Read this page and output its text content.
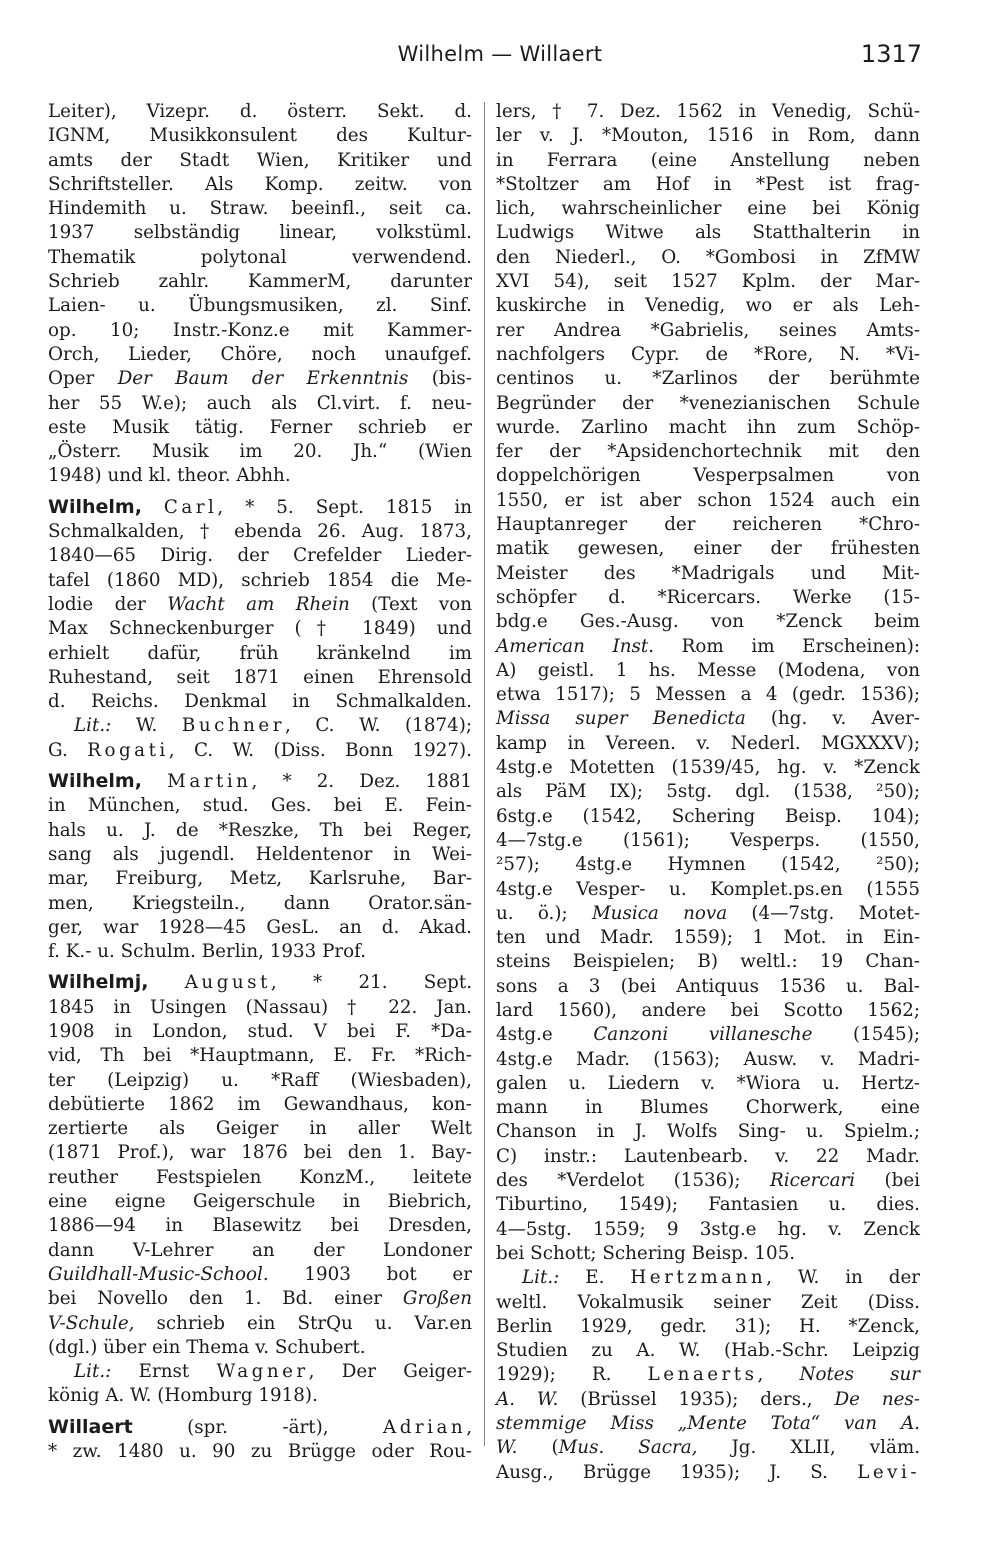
Wilhelm — Willaert	1317
Leiter), Vizepr. d. österr. Sekt. d.
IGNM, Musikkonsulent des Kultur-
amts der Stadt Wien, Kritiker und
Schriftsteller. Als Komp. zeitw. von
Hindemith u. Straw. beeinfl., seit ca.
1937 selbständig linear, volkstüml.
Thematik polytonal verwendend.
Schrieb zahlr. KammerM, darunter
Laien- u. Übungsmusiken, zl. Sinf.
op. 10; Instr.-Konz.e mit Kammer-
Orch, Lieder, Chöre, noch unaufgef.
Oper Der Baum der Erkenntnis (bis-
her 55 W.e); auch als Cl.virt. f. neu-
este Musik tätig. Ferner schrieb er
„Österr. Musik im 20. Jh.“ (Wien
1948) und kl. theor. Abhh.
Wilhelm, Carl, * 5. Sept. 1815 in
Schmalkalden, † ebenda 26. Aug. 1873,
1840—65 Dirig. der Crefelder Lieder-
tafel (1860 MD), schrieb 1854 die Me-
lodie der Wacht am Rhein (Text von
Max Schneckenburger († 1849) und
erhielt dafür, früh kränkelnd im
Ruhestand, seit 1871 einen Ehrensold
d. Reichs. Denkmal in Schmalkalden.
Lit.: W. Buchner, C. W. (1874);
G. Rogati, C. W. (Diss. Bonn 1927).
Wilhelm, Martin, * 2. Dez. 1881
in München, stud. Ges. bei E. Fein-
hals u. J. de *Reszke, Th bei Reger,
sang als jugendl. Heldentenor in Wei-
mar, Freiburg, Metz, Karlsruhe, Bar-
men, Kriegsteiln., dann Orator.sän-
ger, war 1928—45 GesL. an d. Akad.
f. K.- u. Schulm. Berlin, 1933 Prof.
Wilhelmj, August, * 21. Sept.
1845 in Usingen (Nassau) † 22. Jan.
1908 in London, stud. V bei F. *Da-
vid, Th bei *Hauptmann, E. Fr. *Rich-
ter (Leipzig) u. *Raff (Wiesbaden),
debütierte 1862 im Gewandhaus, kon-
zertierte als Geiger in aller Welt
(1871 Prof.), war 1876 bei den 1. Bay-
reuther Festspielen KonzM., leitete
eine eigne Geigerschule in Biebrich,
1886—94 in Blasewitz bei Dresden,
dann V-Lehrer an der Londoner
Guildhall-Music-School. 1903 bot er
bei Novello den 1. Bd. einer Großen
V-Schule, schrieb ein StrQu u. Var.en
(dgl.) über ein Thema v. Schubert.
Lit.: Ernst Wagner, Der Geiger-
könig A. W. (Homburg 1918).
Willaert (spr. -ärt), Adrian,
* zw. 1480 u. 90 zu Brügge oder Rou-
lers, † 7. Dez. 1562 in Venedig, Schü-
ler v. J. *Mouton, 1516 in Rom, dann
in Ferrara (eine Anstellung neben
*Stoltzer am Hof in *Pest ist frag-
lich, wahrscheinlicher eine bei König
Ludwigs Witwe als Statthalterin in
den Niederl., O. *Gombosi in ZfMW
XVI 54), seit 1527 Kplm. der Mar-
kuskirche in Venedig, wo er als Leh-
rer Andrea *Gabrielis, seines Amts-
nachfolgers Cypr. de *Rore, N. *Vi-
centinos u. *Zarlinos der berühmte
Begründer der *venezianischen Schule
wurde. Zarlino macht ihn zum Schöp-
fer der *Apsidenchortechnik mit den
doppelchörigen Vesperpsalmen von
1550, er ist aber schon 1524 auch ein
Hauptanreger der reicheren *Chro-
matik gewesen, einer der frühesten
Meister des *Madrigals und Mit-
schöpfer d. *Ricercars. Werke (15-
bdg.e Ges.-Ausg. von *Zenck beim
American Inst. Rom im Erscheinen):
A) geistl. 1 hs. Messe (Modena, von
etwa 1517); 5 Messen a 4 (gedr. 1536);
Missa super Benedicta (hg. v. Aver-
kamp in Vereen. v. Nederl. MGXXXV);
4stg.e Motetten (1539/45, hg. v. *Zenck
als PäM IX); 5stg. dgl. (1538, ²50);
6stg.e (1542, Schering Beisp. 104);
4—7stg.e (1561); Vesperps. (1550,
²57); 4stg.e Hymnen (1542, ²50);
4stg.e Vesper- u. Komplet.ps.en (1555
u. ö.); Musica nova (4—7stg. Motet-
ten und Madr. 1559); 1 Mot. in Ein-
steins Beispielen; B) weltl.: 19 Chan-
sons a 3 (bei Antiquus 1536 u. Bal-
lard 1560), andere bei Scotto 1562;
4stg.e Canzoni villanesche (1545);
4stg.e Madr. (1563); Ausw. v. Madri-
galen u. Liedern v. *Wiora u. Hertz-
mann in Blumes Chorwerk, eine
Chanson in J. Wolfs Sing- u. Spielm.;
C) instr.: Lautenbearb. v. 22 Madr.
des *Verdelot (1536); Ricercari (bei
Tiburtino, 1549); Fantasien u. dies.
4—5stg. 1559; 9 3stg.e hg. v. Zenck
bei Schott; Schering Beisp. 105.
Lit.: E. Hertzmann, W. in der
weltl. Vokalmusik seiner Zeit (Diss.
Berlin 1929, gedr. 31); H. *Zenck,
Studien zu A. W. (Hab.-Schr. Leipzig
1929); R. Lenaerts, Notes sur
A. W. (Brüssel 1935); ders., De nes-
stemmige Miss „Mente Tota“ van A.
W. (Mus. Sacra, Jg. XLII, vläm.
Ausg., Brügge 1935); J. S. Levi-
